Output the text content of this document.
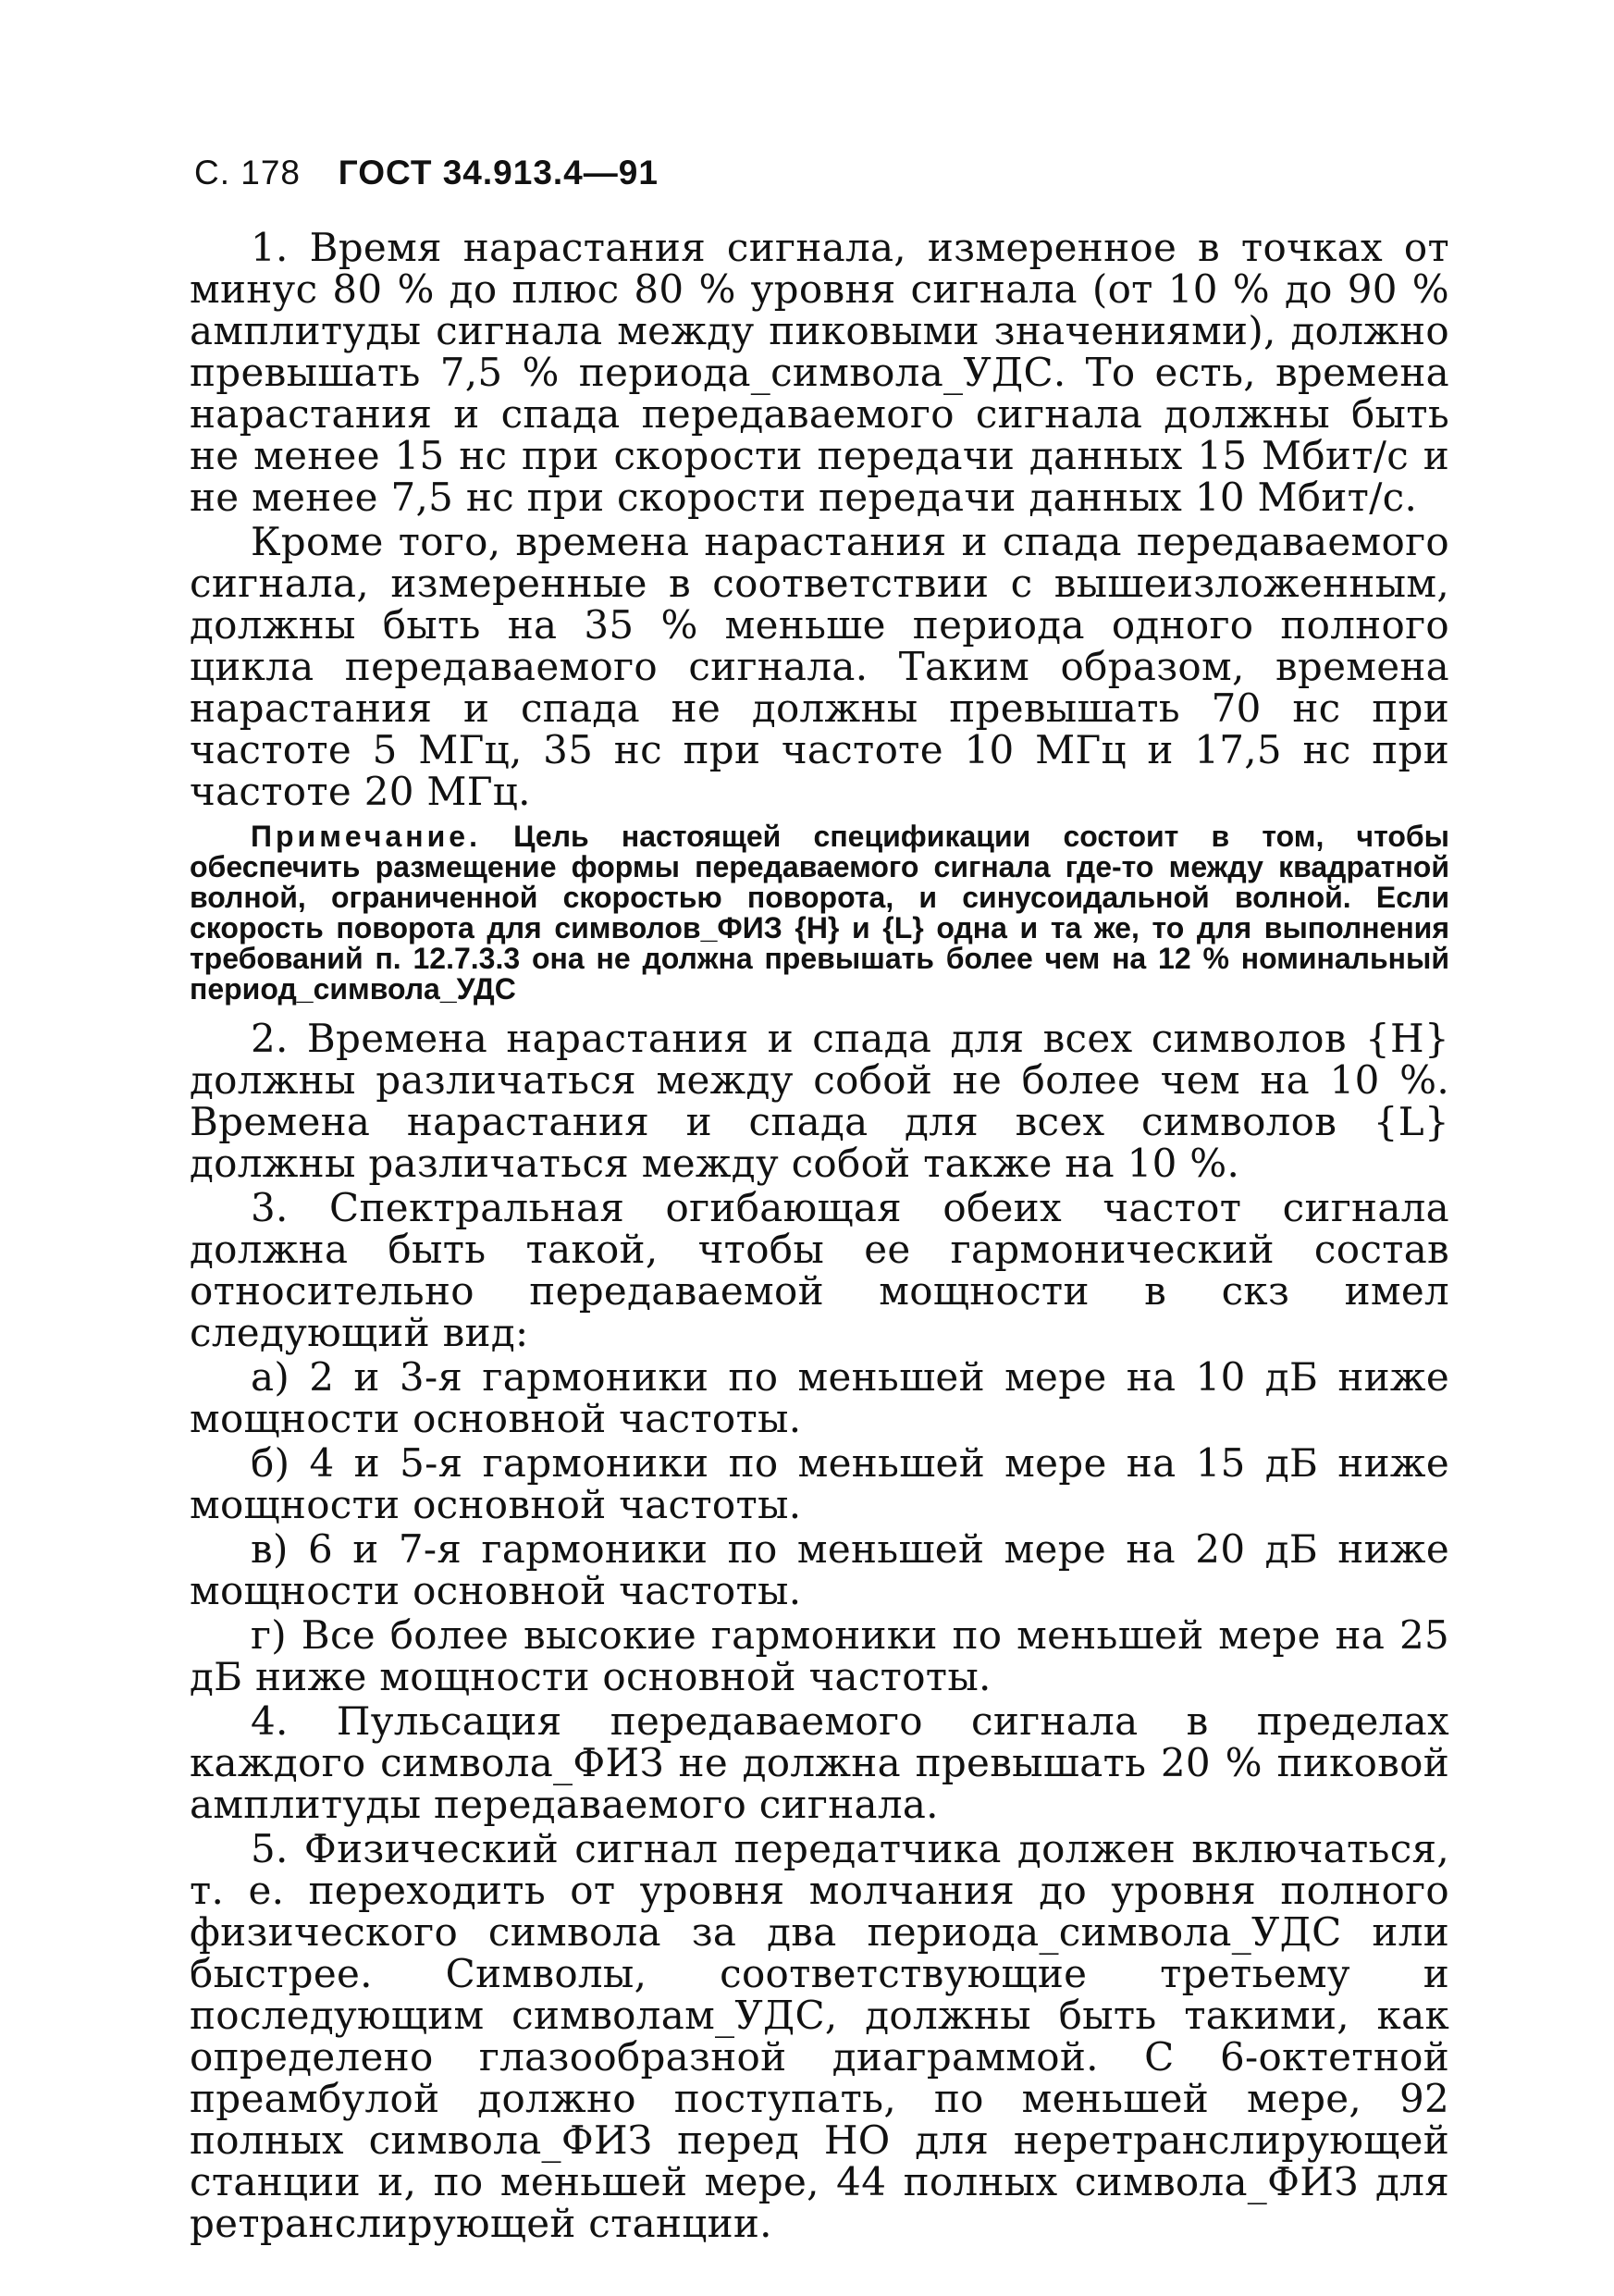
С. 178 ГОСТ 34.913.4—91

1. Время нарастания сигнала, измеренное в точках от минус 80 % до плюс 80 % уровня сигнала (от 10 % до 90 % амплитуды сигнала между пиковыми значениями), должно превышать 7,5 % периода_символа_УДС. То есть, времена нарастания и спада передаваемого сигнала должны быть не менее 15 нс при скорости передачи данных 15 Мбит/с и не менее 7,5 нс при скорости передачи данных 10 Мбит/с.

Кроме того, времена нарастания и спада передаваемого сигнала, измеренные в соответствии с вышеизложенным, должны быть на 35 % меньше периода одного полного цикла передаваемого сигнала. Таким образом, времена нарастания и спада не должны превышать 70 нс при частоте 5 МГц, 35 нс при частоте 10 МГц и 17,5 нс при частоте 20 МГц.

Примечание. Цель настоящей спецификации состоит в том, чтобы обеспечить размещение формы передаваемого сигнала где-то между квадратной волной, ограниченной скоростью поворота, и синусоидальной волной. Если скорость поворота для символов_ФИЗ {H} и {L} одна и та же, то для выполнения требований п. 12.7.3.3 она не должна превышать более чем на 12 % номинальный период_символа_УДС

2. Времена нарастания и спада для всех символов {H} должны различаться между собой не более чем на 10 %. Времена нарастания и спада для всех символов {L} должны различаться между собой также на 10 %.

3. Спектральная огибающая обеих частот сигнала должна быть такой, чтобы ее гармонический состав относительно передаваемой мощности в скз имел следующий вид:

а) 2 и 3-я гармоники по меньшей мере на 10 дБ ниже мощности основной частоты.

б) 4 и 5-я гармоники по меньшей мере на 15 дБ ниже мощности основной частоты.

в) 6 и 7-я гармоники по меньшей мере на 20 дБ ниже мощности основной частоты.

г) Все более высокие гармоники по меньшей мере на 25 дБ ниже мощности основной частоты.

4. Пульсация передаваемого сигнала в пределах каждого символа_ФИЗ не должна превышать 20 % пиковой амплитуды передаваемого сигнала.

5. Физический сигнал передатчика должен включаться, т. е. переходить от уровня молчания до уровня полного физического символа за два периода_символа_УДС или быстрее. Символы, соответствующие третьему и последующим символам_УДС, должны быть такими, как определено глазообразной диаграммой. С 6-октетной преамбулой должно поступать, по меньшей мере, 92 полных символа_ФИЗ перед НО для неретранслирующей станции и, по меньшей мере, 44 полных символа_ФИЗ для ретранслирующей станции.
